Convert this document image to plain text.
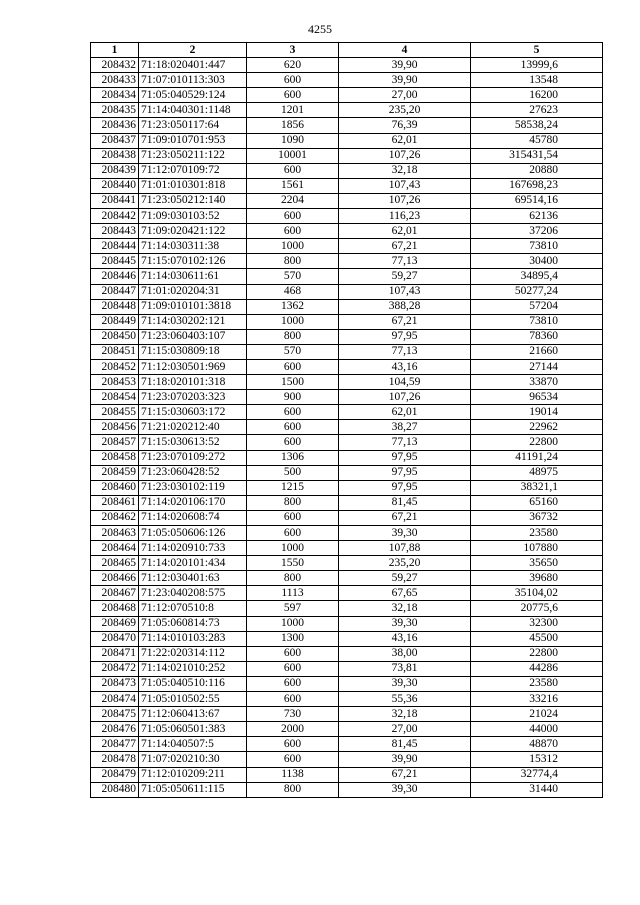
4255
1	2	3	4	5
208432	71:18:020401:447	620	39,90	13999,6
208433	71:07:010113:303	600	39,90	13548
208434	71:05:040529:124	600	27,00	16200
208435	71:14:040301:1148	1201	235,20	27623
208436	71:23:050117:64	1856	76,39	58538,24
208437	71:09:010701:953	1090	62,01	45780
208438	71:23:050211:122	10001	107,26	315431,54
208439	71:12:070109:72	600	32,18	20880
208440	71:01:010301:818	1561	107,43	167698,23
208441	71:23:050212:140	2204	107,26	69514,16
208442	71:09:030103:52	600	116,23	62136
208443	71:09:020421:122	600	62,01	37206
208444	71:14:030311:38	1000	67,21	73810
208445	71:15:070102:126	800	77,13	30400
208446	71:14:030611:61	570	59,27	34895,4
208447	71:01:020204:31	468	107,43	50277,24
208448	71:09:010101:3818	1362	388,28	57204
208449	71:14:030202:121	1000	67,21	73810
208450	71:23:060403:107	800	97,95	78360
208451	71:15:030809:18	570	77,13	21660
208452	71:12:030501:969	600	43,16	27144
208453	71:18:020101:318	1500	104,59	33870
208454	71:23:070203:323	900	107,26	96534
208455	71:15:030603:172	600	62,01	19014
208456	71:21:020212:40	600	38,27	22962
208457	71:15:030613:52	600	77,13	22800
208458	71:23:070109:272	1306	97,95	41191,24
208459	71:23:060428:52	500	97,95	48975
208460	71:23:030102:119	1215	97,95	38321,1
208461	71:14:020106:170	800	81,45	65160
208462	71:14:020608:74	600	67,21	36732
208463	71:05:050606:126	600	39,30	23580
208464	71:14:020910:733	1000	107,88	107880
208465	71:14:020101:434	1550	235,20	35650
208466	71:12:030401:63	800	59,27	39680
208467	71:23:040208:575	1113	67,65	35104,02
208468	71:12:070510:8	597	32,18	20775,6
208469	71:05:060814:73	1000	39,30	32300
208470	71:14:010103:283	1300	43,16	45500
208471	71:22:020314:112	600	38,00	22800
208472	71:14:021010:252	600	73,81	44286
208473	71:05:040510:116	600	39,30	23580
208474	71:05:010502:55	600	55,36	33216
208475	71:12:060413:67	730	32,18	21024
208476	71:05:060501:383	2000	27,00	44000
208477	71:14:040507:5	600	81,45	48870
208478	71:07:020210:30	600	39,90	15312
208479	71:12:010209:211	1138	67,21	32774,4
208480	71:05:050611:115	800	39,30	31440
